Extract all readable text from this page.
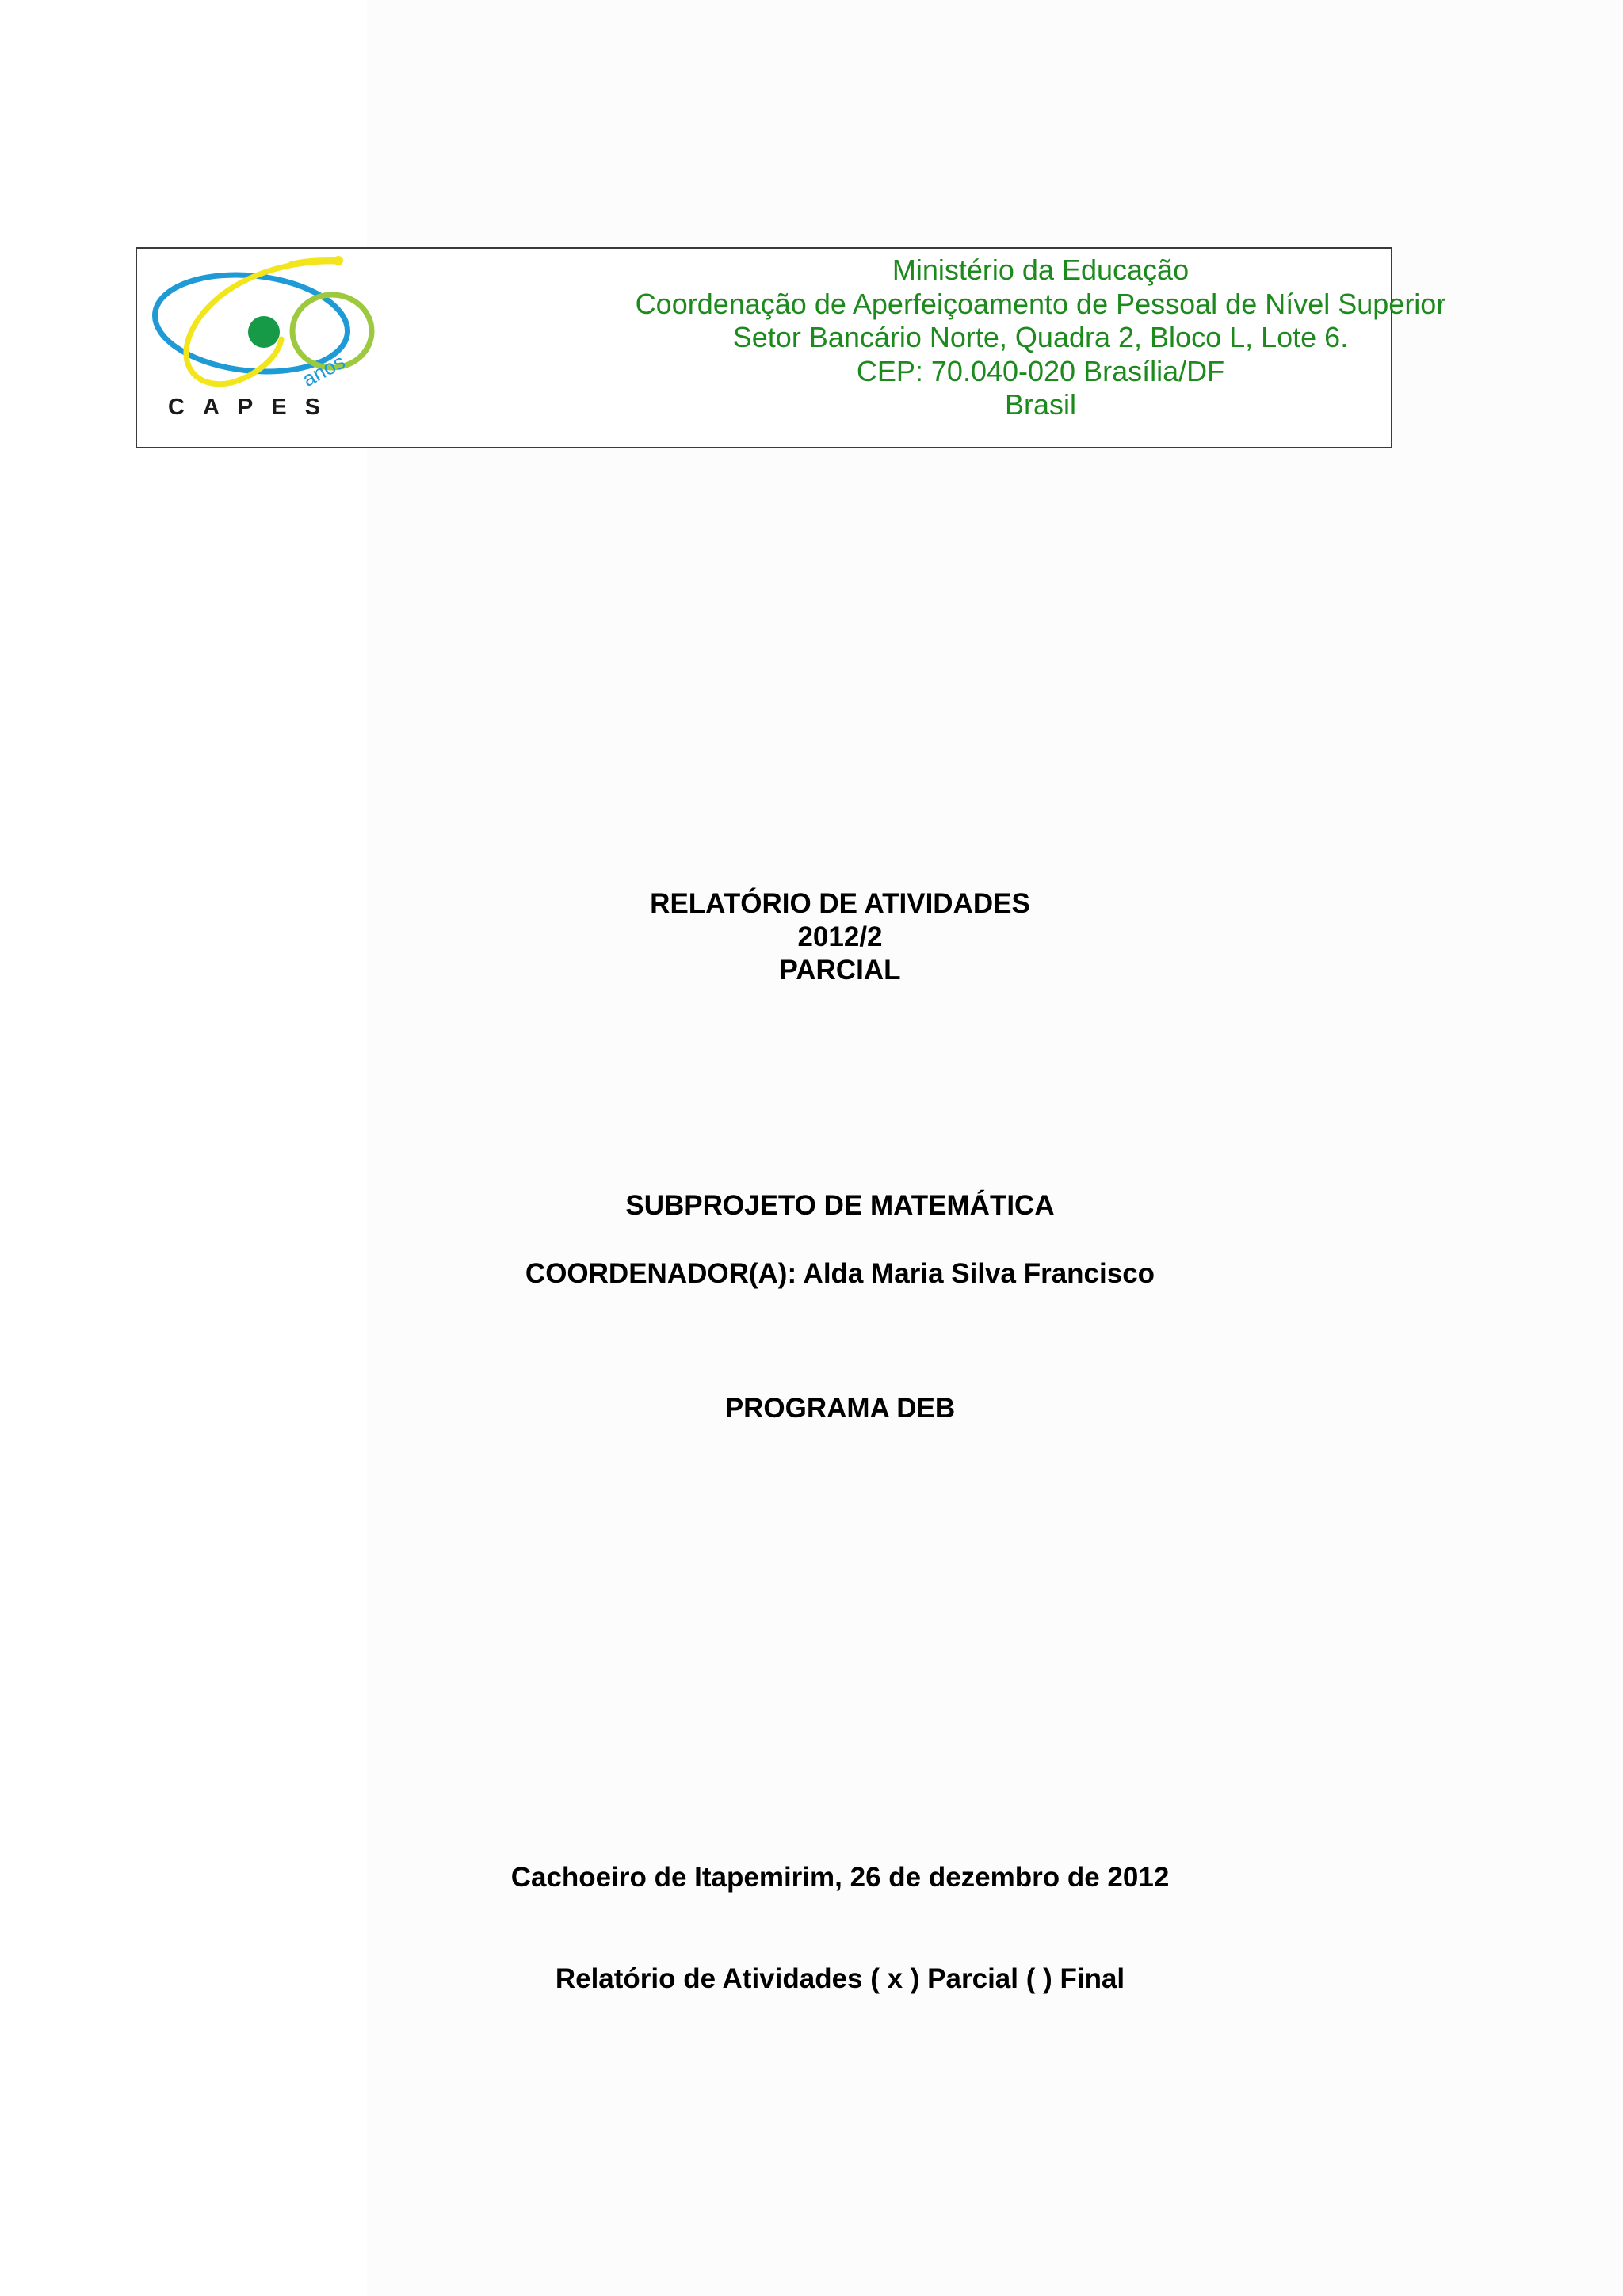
anos
Ministério da Educação
Coordenação de Aperfeiçoamento de Pessoal de Nível Superior
Setor Bancário Norte, Quadra 2, Bloco L, Lote 6.
CEP: 70.040-020 Brasília/DF
Brasil
CAPES
RELATÓRIO DE ATIVIDADES
2012/2
PARCIAL
SUBPROJETO DE MATEMÁTICA
COORDENADOR(A): Alda Maria Silva Francisco
PROGRAMA DEB
Cachoeiro de Itapemirim, 26 de dezembro de 2012
Relatório de Atividades ( x ) Parcial ( ) Final
